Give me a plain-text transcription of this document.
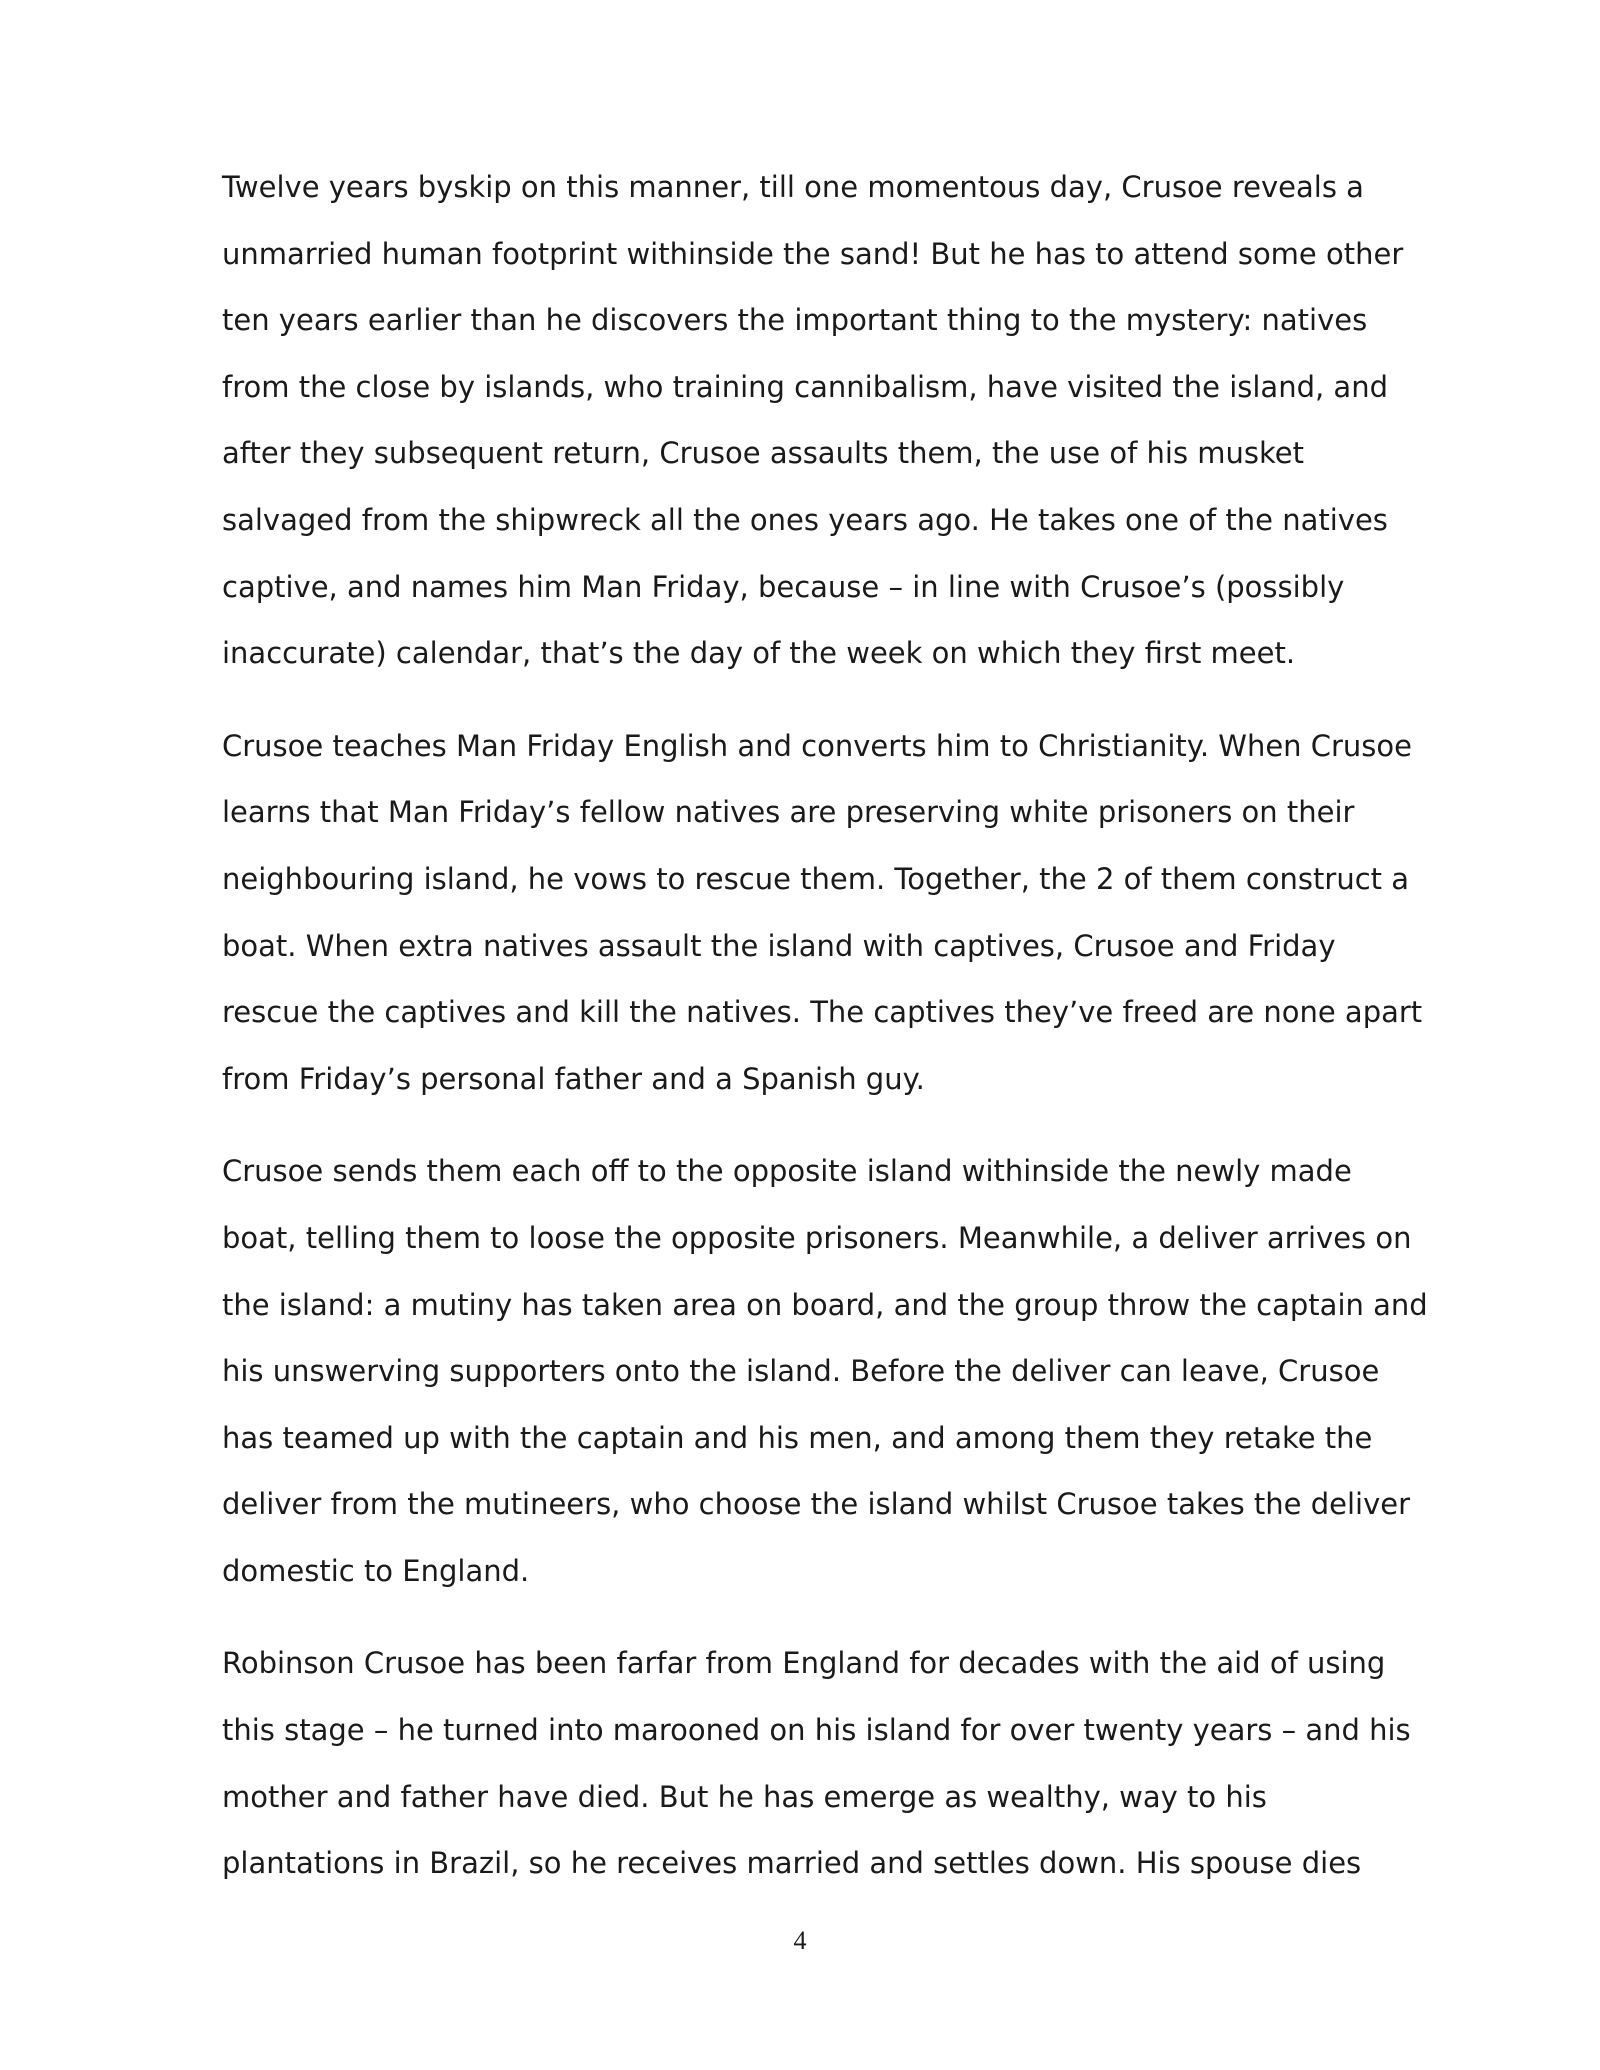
Twelve years byskip on this manner, till one momentous day, Crusoe reveals a
unmarried human footprint withinside the sand! But he has to attend some other
ten years earlier than he discovers the important thing to the mystery: natives
from the close by islands, who training cannibalism, have visited the island, and
after they subsequent return, Crusoe assaults them, the use of his musket
salvaged from the shipwreck all the ones years ago. He takes one of the natives
captive, and names him Man Friday, because – in line with Crusoe’s (possibly
inaccurate) calendar, that’s the day of the week on which they first meet.
Crusoe teaches Man Friday English and converts him to Christianity. When Crusoe
learns that Man Friday’s fellow natives are preserving white prisoners on their
neighbouring island, he vows to rescue them. Together, the 2 of them construct a
boat. When extra natives assault the island with captives, Crusoe and Friday
rescue the captives and kill the natives. The captives they’ve freed are none apart
from Friday’s personal father and a Spanish guy.
Crusoe sends them each off to the opposite island withinside the newly made
boat, telling them to loose the opposite prisoners. Meanwhile, a deliver arrives on
the island: a mutiny has taken area on board, and the group throw the captain and
his unswerving supporters onto the island. Before the deliver can leave, Crusoe
has teamed up with the captain and his men, and among them they retake the
deliver from the mutineers, who choose the island whilst Crusoe takes the deliver
domestic to England.
Robinson Crusoe has been farfar from England for decades with the aid of using
this stage – he turned into marooned on his island for over twenty years – and his
mother and father have died. But he has emerge as wealthy, way to his
plantations in Brazil, so he receives married and settles down. His spouse dies
4
